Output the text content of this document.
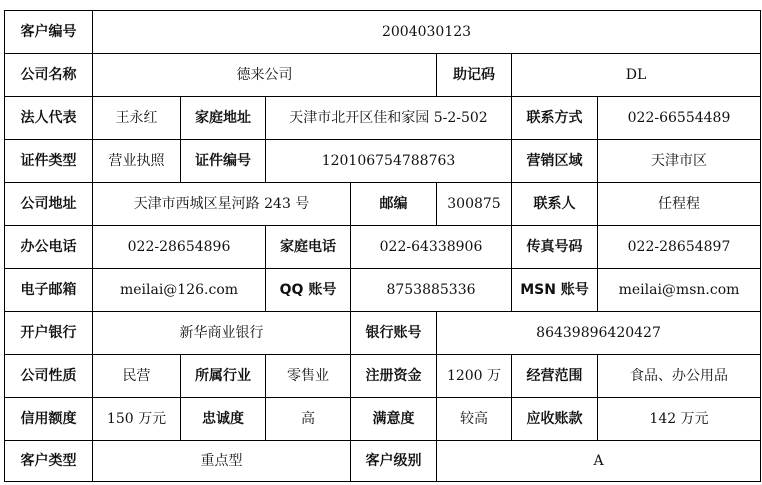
客户编号	2004030123						
公司名称	德来公司				助记码	DL	
法人代表	王永红	家庭地址	天津市北开区佳和家园 5-2-502			联系方式	022-66554489
证件类型	营业执照	证件编号	120106754788763			营销区域	天津市区
公司地址	天津市西城区星河路 243 号			邮编	300875	联系人	任程程
办公电话	022-28654896		家庭电话	022-64338906		传真号码	022-28654897
电子邮箱	meilai@126.com		QQ 账号	8753885336		MSN 账号	meilai@msn.com
开户银行	新华商业银行			银行账号	86439896420427		
公司性质	民营	所属行业	零售业	注册资金	1200 万	经营范围	食品、办公用品
信用额度	150 万元	忠诚度	高	满意度	较高	应收账款	142 万元
客户类型	重点型			客户级别	A		
